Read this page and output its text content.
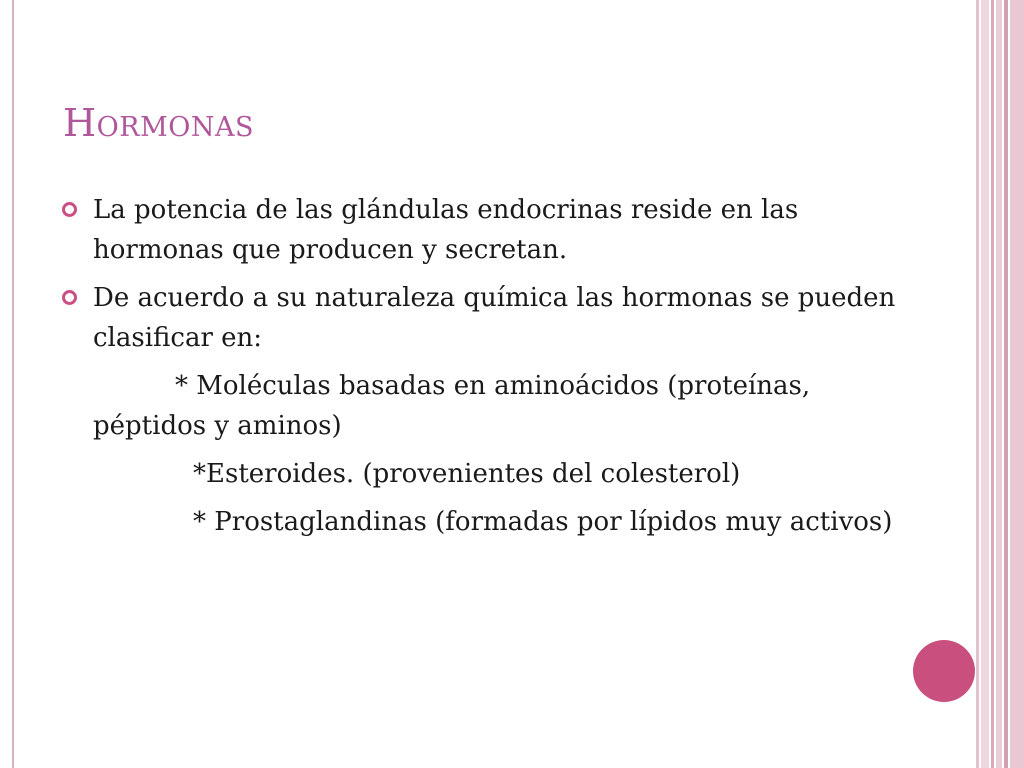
Hormonas
La potencia de las glándulas endocrinas reside en las hormonas que producen y secretan.
De acuerdo a su naturaleza química las hormonas se pueden clasificar en:
* Moléculas basadas en aminoácidos (proteínas, péptidos y aminos)
*Esteroides. (provenientes del colesterol)
* Prostaglandinas (formadas por lípidos muy activos)
